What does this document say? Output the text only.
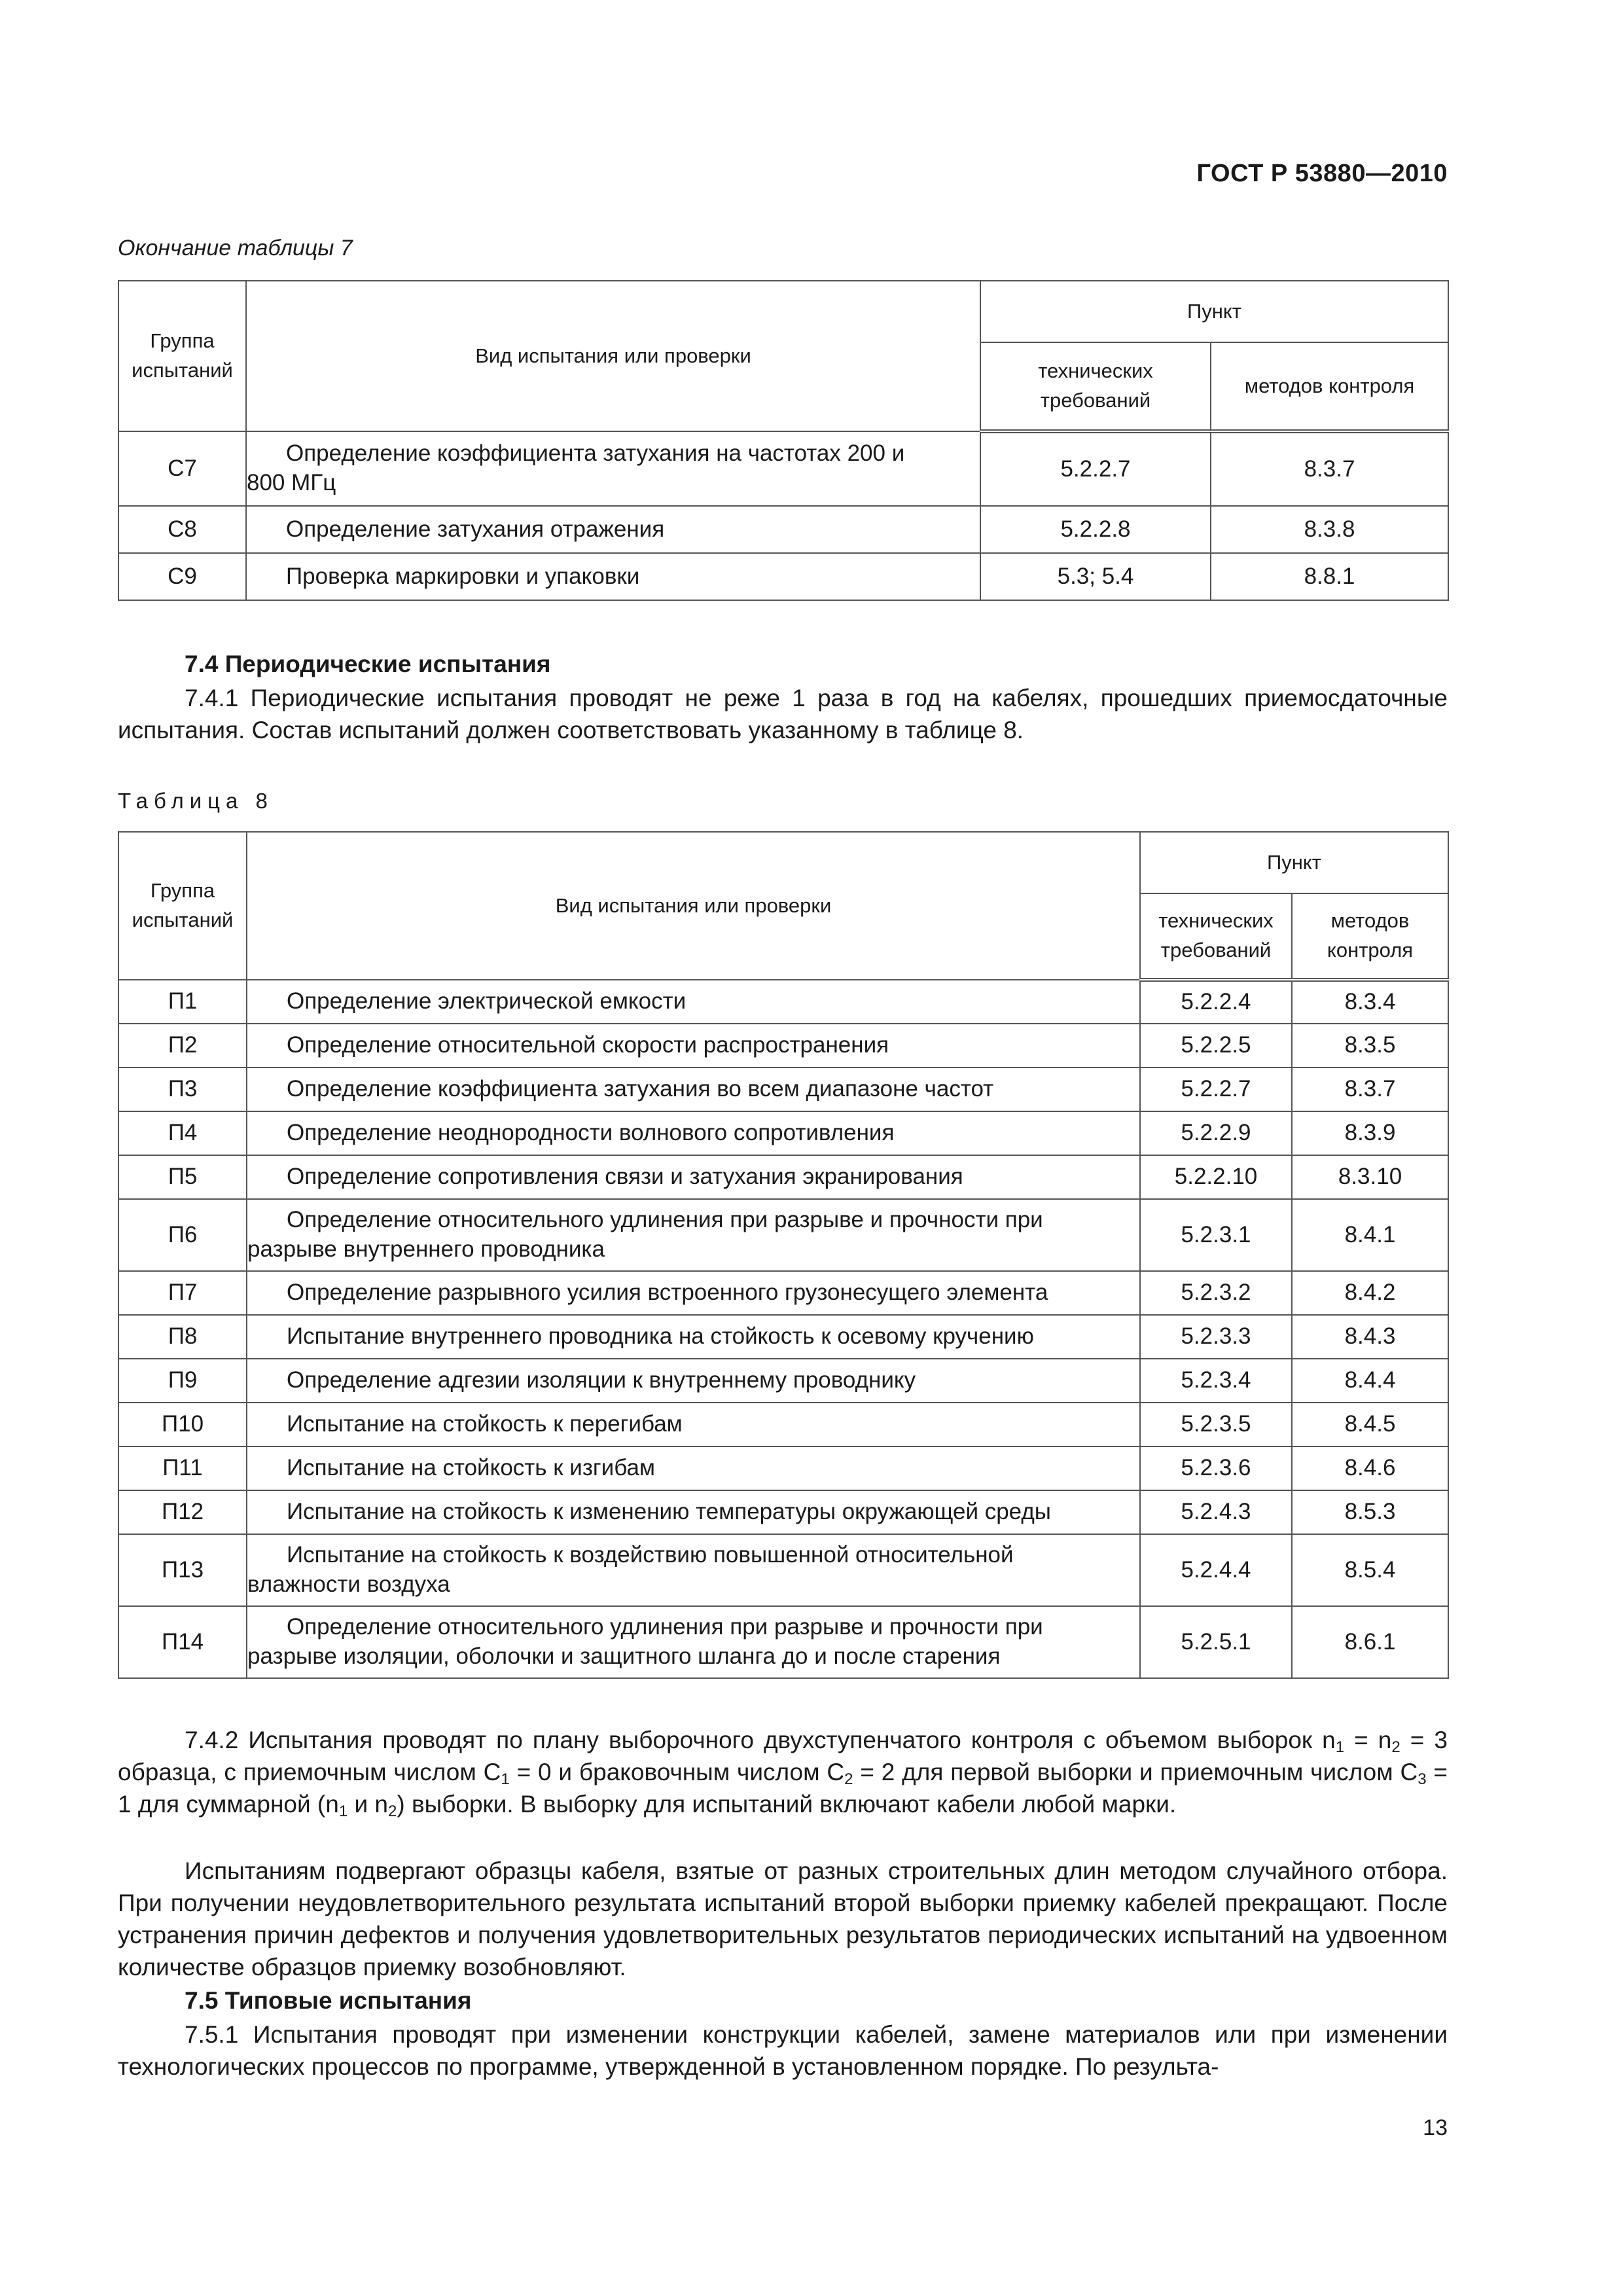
ГОСТ Р 53880—2010
Окончание таблицы 7
Группа испытаний	Вид испытания или проверки	Пункт	
		технических требований	методов контроля
С7	Определение коэффициента затухания на частотах 200 и
800 МГц	5.2.2.7	8.3.7
С8	Определение затухания отражения	5.2.2.8	8.3.8
С9	Проверка маркировки и упаковки	5.3; 5.4	8.8.1
7.4 Периодические испытания
7.4.1 Периодические испытания проводят не реже 1 раза в год на кабелях, прошедших приемосдаточные испытания. Состав испытаний должен соответствовать указанному в таблице 8.
Таблица 8
Группа испытаний	Вид испытания или проверки	Пункт	
		технических требований	методов контроля
П1	Определение электрической емкости	5.2.2.4	8.3.4
П2	Определение относительной скорости распространения	5.2.2.5	8.3.5
П3	Определение коэффициента затухания во всем диапазоне частот	5.2.2.7	8.3.7
П4	Определение неоднородности волнового сопротивления	5.2.2.9	8.3.9
П5	Определение сопротивления связи и затухания экранирования	5.2.2.10	8.3.10
П6	Определение относительного удлинения при разрыве и прочности при
разрыве внутреннего проводника	5.2.3.1	8.4.1
П7	Определение разрывного усилия встроенного грузонесущего элемента	5.2.3.2	8.4.2
П8	Испытание внутреннего проводника на стойкость к осевому кручению	5.2.3.3	8.4.3
П9	Определение адгезии изоляции к внутреннему проводнику	5.2.3.4	8.4.4
П10	Испытание на стойкость к перегибам	5.2.3.5	8.4.5
П11	Испытание на стойкость к изгибам	5.2.3.6	8.4.6
П12	Испытание на стойкость к изменению температуры окружающей среды	5.2.4.3	8.5.3
П13	Испытание на стойкость к воздействию повышенной относительной
влажности воздуха	5.2.4.4	8.5.4
П14	Определение относительного удлинения при разрыве и прочности при
разрыве изоляции, оболочки и защитного шланга до и после старения	5.2.5.1	8.6.1
7.4.2 Испытания проводят по плану выборочного двухступенчатого контроля с объемом выборок $n_1 = n_2 = 3$ образца, с приемочным числом $C_1 = 0$ и браковочным числом $C_2 = 2$ для первой выборки и приемочным числом $C_3 = 1$ для суммарной ($n_1$ и $n_2$) выборки. В выборку для испытаний включают кабели любой марки.
Испытаниям подвергают образцы кабеля, взятые от разных строительных длин методом случайного отбора. При получении неудовлетворительного результата испытаний второй выборки приемку кабелей прекращают. После устранения причин дефектов и получения удовлетворительных результатов периодических испытаний на удвоенном количестве образцов приемку возобновляют.
7.5 Типовые испытания
7.5.1 Испытания проводят при изменении конструкции кабелей, замене материалов или при изменении технологических процессов по программе, утвержденной в установленном порядке. По результа-
13
